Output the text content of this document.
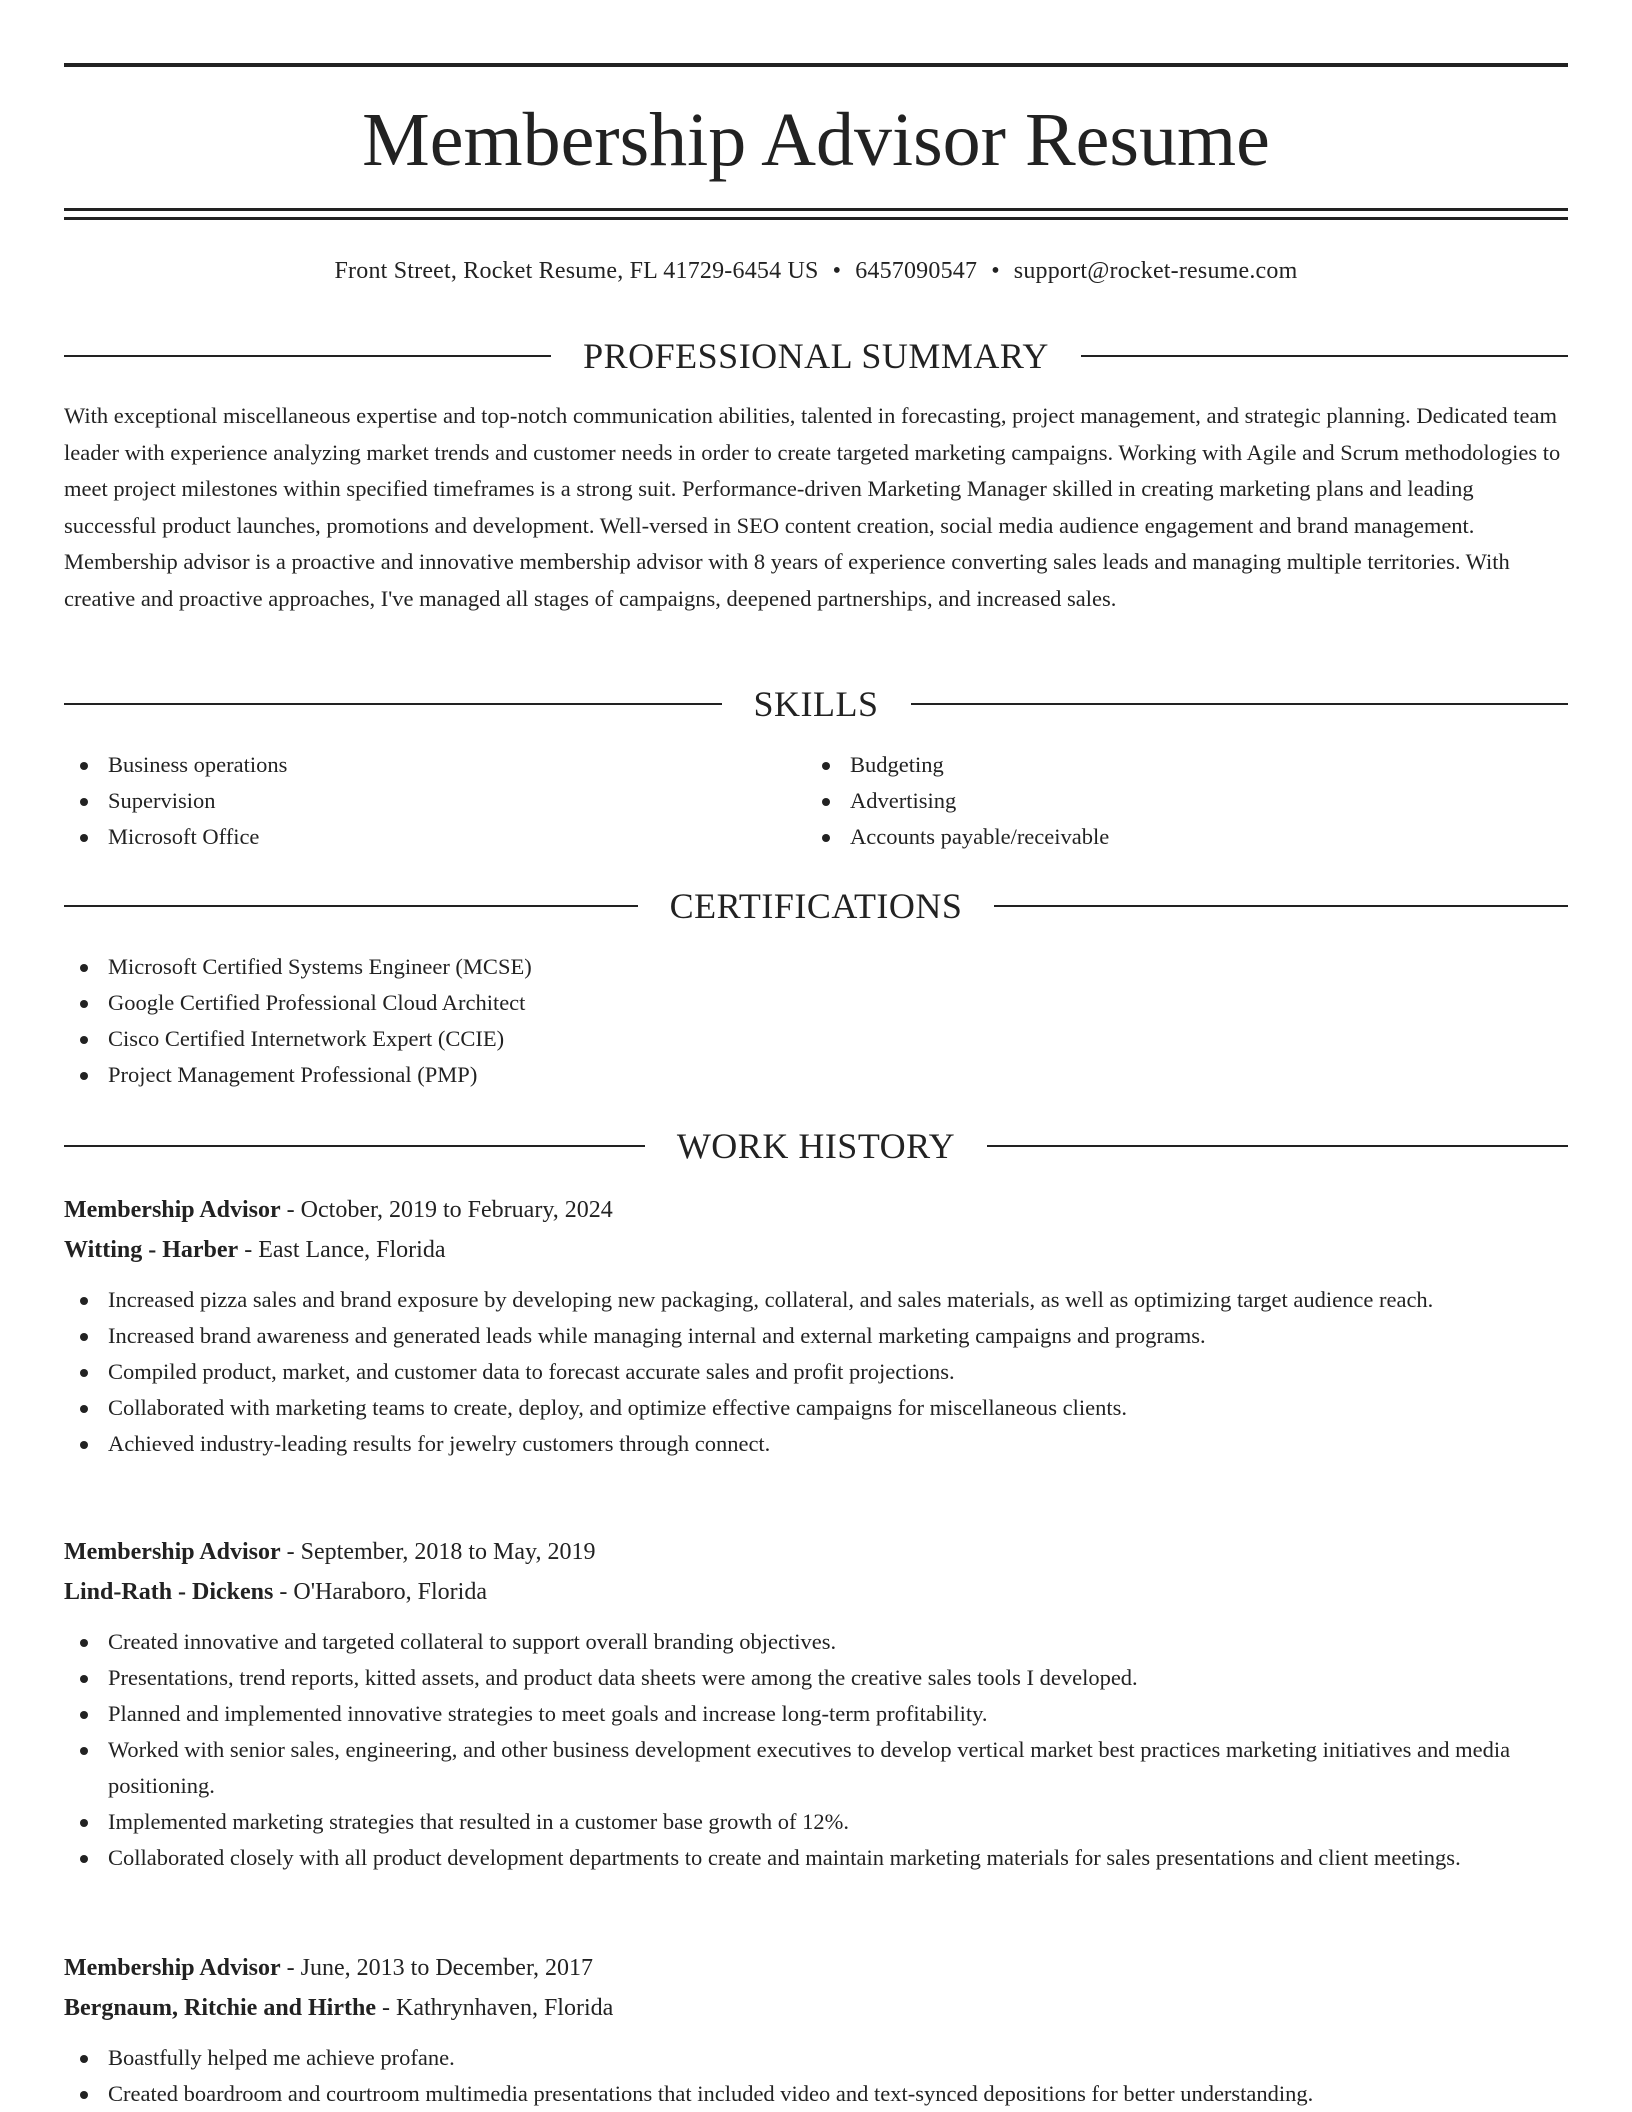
Membership Advisor Resume
Front Street, Rocket Resume, FL 41729-6454 US • 6457090547 • support@rocket-resume.com
PROFESSIONAL SUMMARY

With exceptional miscellaneous expertise and top-notch communication abilities, talented in forecasting, project management, and strategic planning. Dedicated team leader with experience analyzing market trends and customer needs in order to create targeted marketing campaigns. Working with Agile and Scrum methodologies to meet project milestones within specified timeframes is a strong suit. Performance-driven Marketing Manager skilled in creating marketing plans and leading successful product launches, promotions and development. Well-versed in SEO content creation, social media audience engagement and brand management. Membership advisor is a proactive and innovative membership advisor with 8 years of experience converting sales leads and managing multiple territories. With creative and proactive approaches, I've managed all stages of campaigns, deepened partnerships, and increased sales.

SKILLS
Business operations
Supervision
Microsoft Office
Budgeting
Advertising
Accounts payable/receivable
CERTIFICATIONS
Microsoft Certified Systems Engineer (MCSE)
Google Certified Professional Cloud Architect
Cisco Certified Internetwork Expert (CCIE)
Project Management Professional (PMP)
WORK HISTORY
Membership Advisor - October, 2019 to February, 2024
Witting - Harber - East Lance, Florida
Increased pizza sales and brand exposure by developing new packaging, collateral, and sales materials, as well as optimizing target audience reach.
Increased brand awareness and generated leads while managing internal and external marketing campaigns and programs.
Compiled product, market, and customer data to forecast accurate sales and profit projections.
Collaborated with marketing teams to create, deploy, and optimize effective campaigns for miscellaneous clients.
Achieved industry-leading results for jewelry customers through connect.
Membership Advisor - September, 2018 to May, 2019
Lind-Rath - Dickens - O'Haraboro, Florida
Created innovative and targeted collateral to support overall branding objectives.
Presentations, trend reports, kitted assets, and product data sheets were among the creative sales tools I developed.
Planned and implemented innovative strategies to meet goals and increase long-term profitability.
Worked with senior sales, engineering, and other business development executives to develop vertical market best practices marketing initiatives and media positioning.
Implemented marketing strategies that resulted in a customer base growth of 12%.
Collaborated closely with all product development departments to create and maintain marketing materials for sales presentations and client meetings.
Membership Advisor - June, 2013 to December, 2017
Bergnaum, Ritchie and Hirthe - Kathrynhaven, Florida
Boastfully helped me achieve profane.
Created boardroom and courtroom multimedia presentations that included video and text-synced depositions for better understanding.
